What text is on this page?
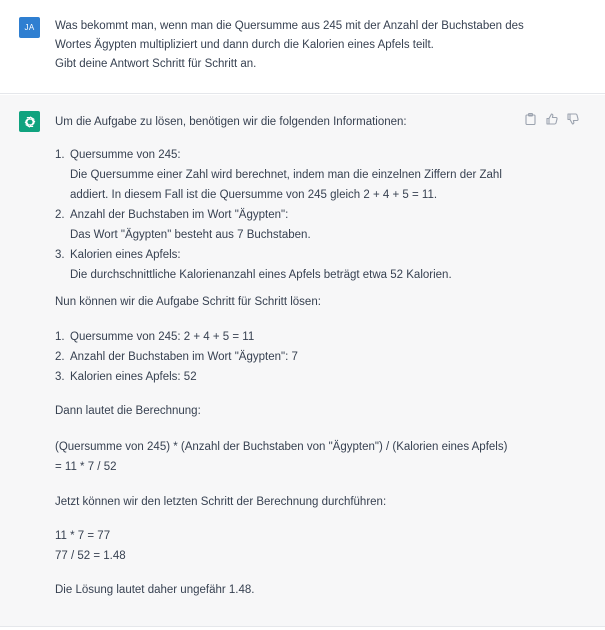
JA	Was bekommt man, wenn man die Quersumme aus 245 mit der Anzahl der Buchstaben des
Wortes Ägypten multipliziert und dann durch die Kalorien eines Apfels teilt.
Gibt deine Antwort Schritt für Schritt an.
Um die Aufgabe zu lösen, benötigen wir die folgenden Informationen:
1. Quersumme von 245:
Die Quersumme einer Zahl wird berechnet, indem man die einzelnen Ziffern der Zahl
addiert. In diesem Fall ist die Quersumme von 245 gleich 2 + 4 + 5 = 11.
2. Anzahl der Buchstaben im Wort "Ägypten":
Das Wort "Ägypten" besteht aus 7 Buchstaben.
3. Kalorien eines Apfels:
Die durchschnittliche Kalorienanzahl eines Apfels beträgt etwa 52 Kalorien.
Nun können wir die Aufgabe Schritt für Schritt lösen:
1. Quersumme von 245: 2 + 4 + 5 = 11
2. Anzahl der Buchstaben im Wort "Ägypten": 7
3. Kalorien eines Apfels: 52
Dann lautet die Berechnung:
(Quersumme von 245) * (Anzahl der Buchstaben von "Ägypten") / (Kalorien eines Apfels)
= 11 * 7 / 52
Jetzt können wir den letzten Schritt der Berechnung durchführen:
11 * 7 = 77
77 / 52 = 1.48
Die Lösung lautet daher ungefähr 1.48.
